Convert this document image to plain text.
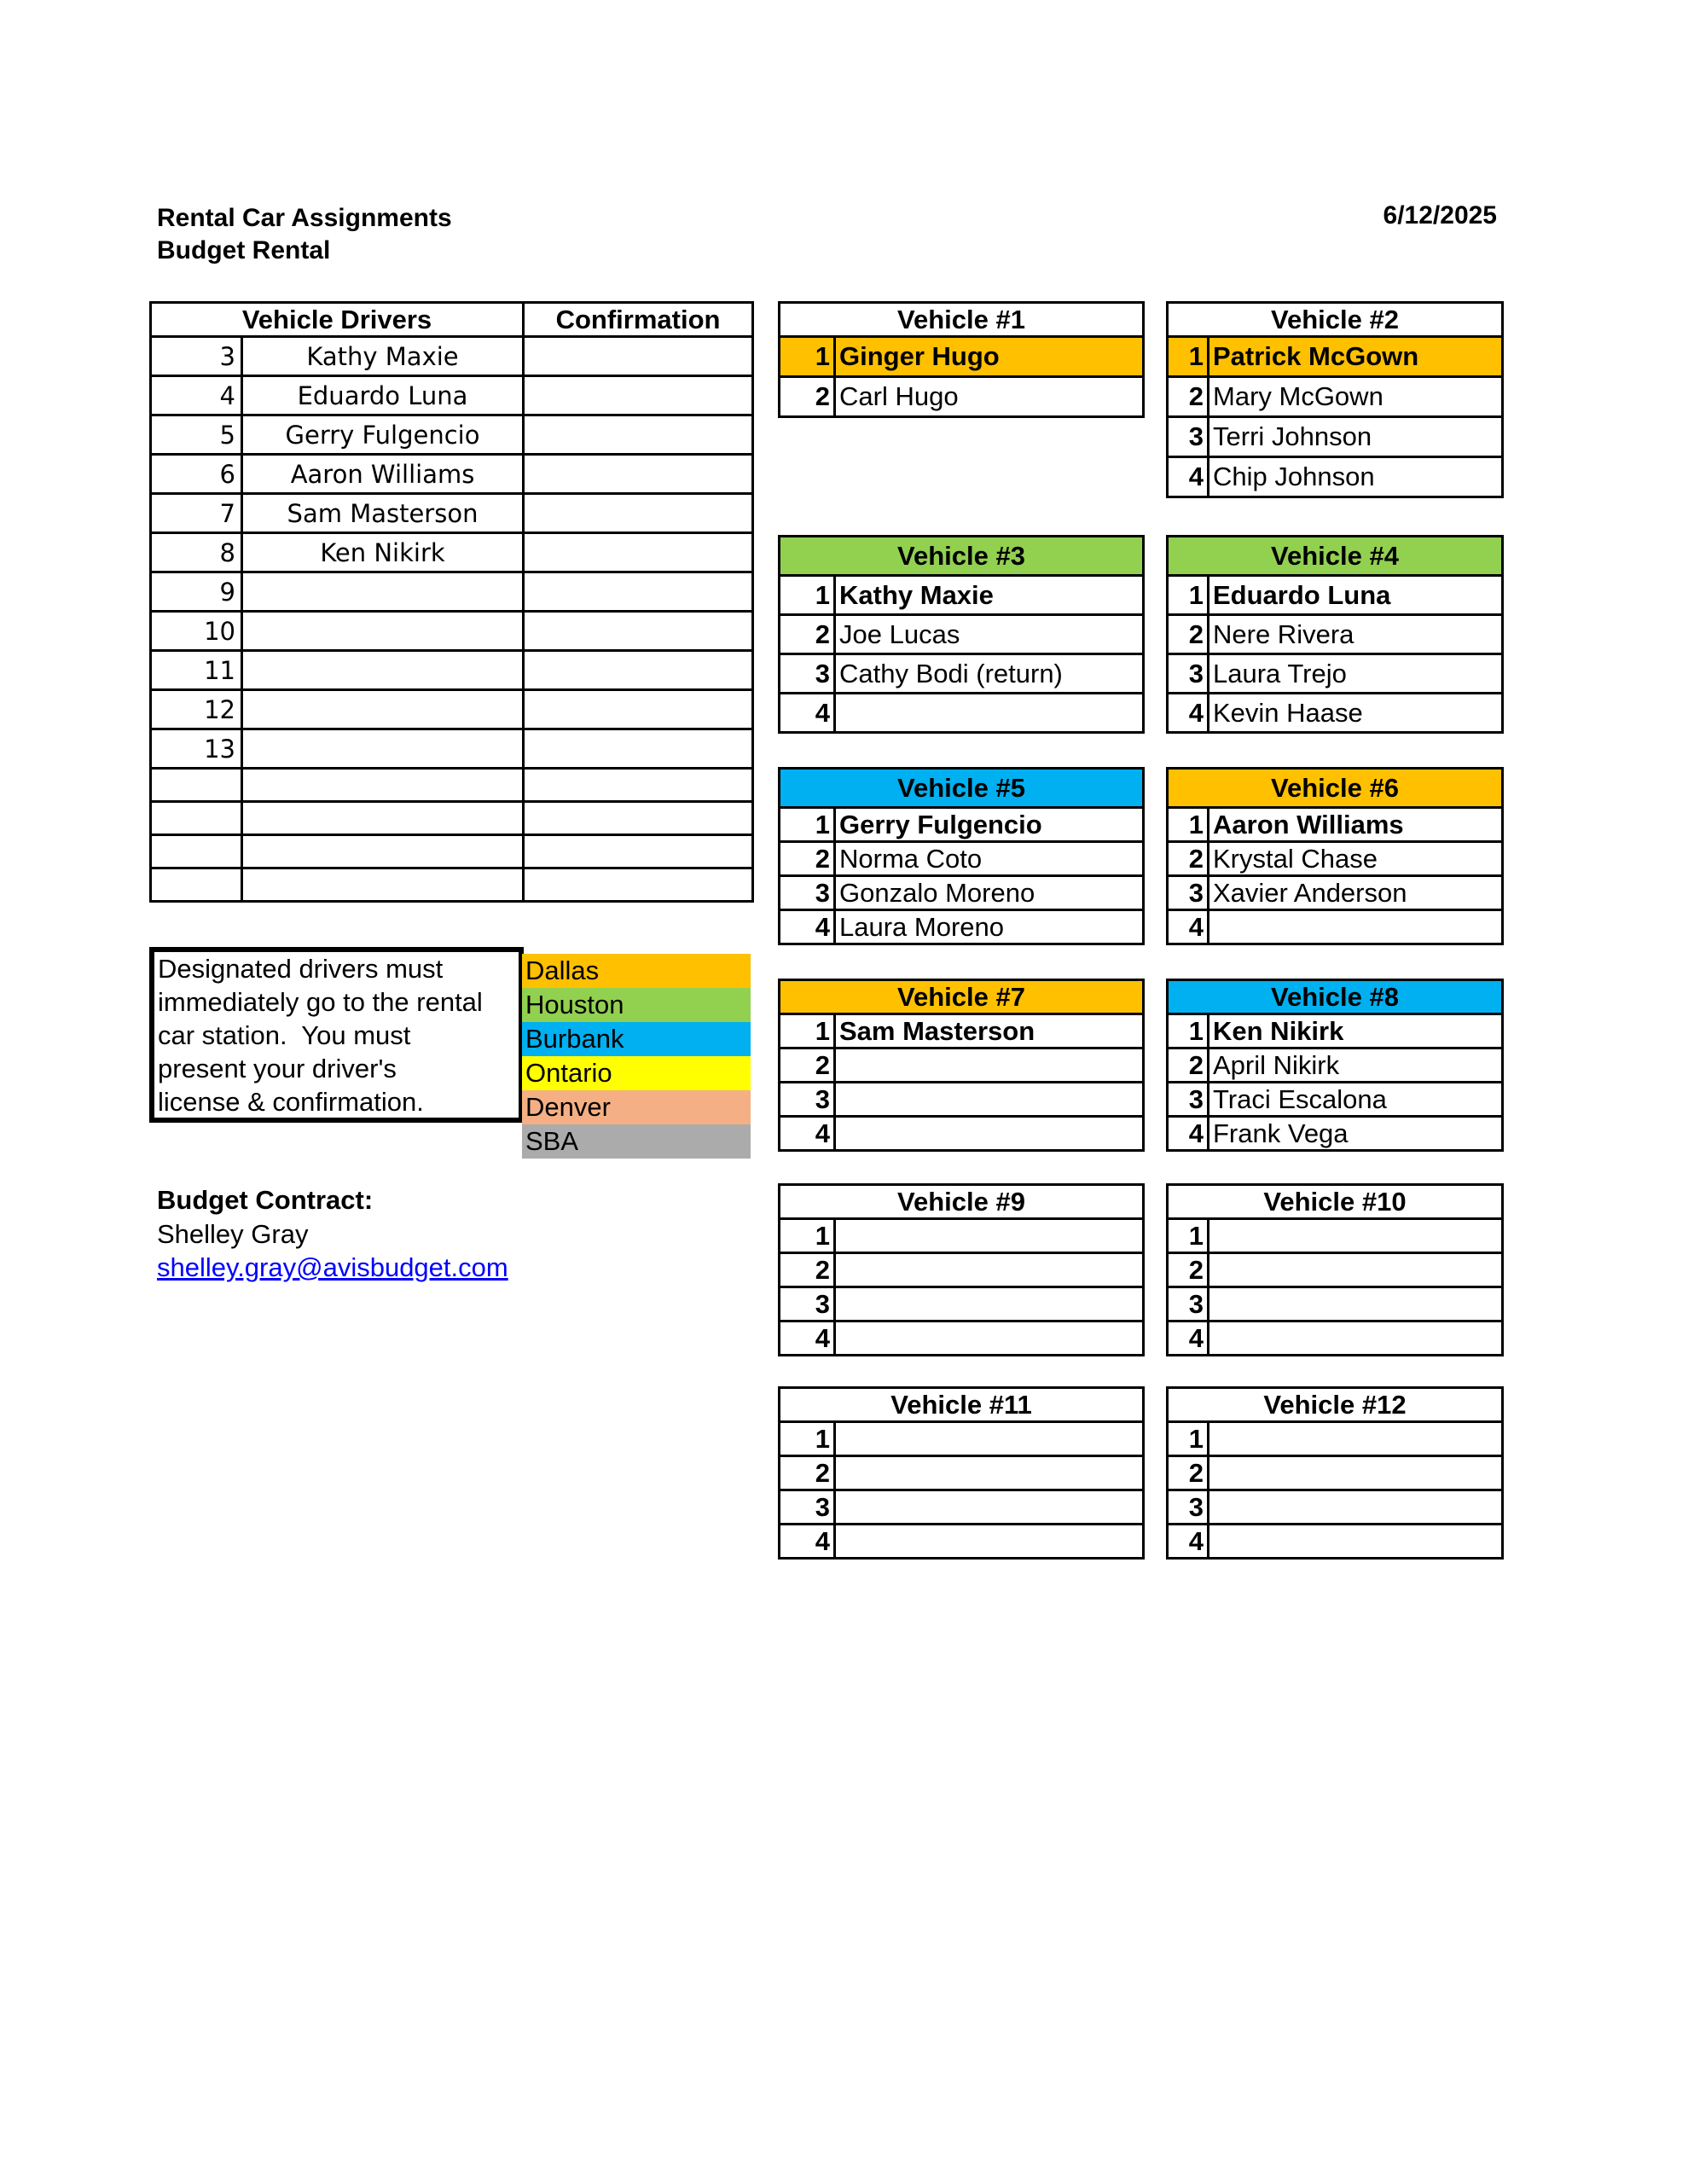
Rental Car Assignments
Budget Rental
6/12/2025
Vehicle Drivers		Confirmation
3	Kathy Maxie	
4	Eduardo Luna	
5	Gerry Fulgencio	
6	Aaron Williams	
7	Sam Masterson	
8	Ken Nikirk	
9		
10		
11		
12		
13		

Designated drivers must
immediately go to the rental
car station.  You must
present your driver's
license & confirmation.
Dallas
Houston
Burbank
Ontario
Denver
SBA
Budget Contract:
Shelley Gray
shelley.gray@avisbudget.com
Vehicle #1	
1	Ginger Hugo
2	Carl Hugo
Vehicle #2	
1	Patrick McGown
2	Mary McGown
3	Terri Johnson
4	Chip Johnson
Vehicle #3	
1	Kathy Maxie
2	Joe Lucas
3	Cathy Bodi (return)
4	
Vehicle #4	
1	Eduardo Luna
2	Nere Rivera
3	Laura Trejo
4	Kevin Haase
Vehicle #5	
1	Gerry Fulgencio
2	Norma Coto
3	Gonzalo Moreno
4	Laura Moreno
Vehicle #6	
1	Aaron Williams
2	Krystal Chase
3	Xavier Anderson
4	
Vehicle #7	
1	Sam Masterson
2	
3	
4	
Vehicle #8	
1	Ken Nikirk
2	April Nikirk
3	Traci Escalona
4	Frank Vega
Vehicle #9	
1	
2	
3	
4	
Vehicle #10	
1	
2	
3	
4	
Vehicle #11	
1	
2	
3	
4	
Vehicle #12	
1	
2	
3	
4	
